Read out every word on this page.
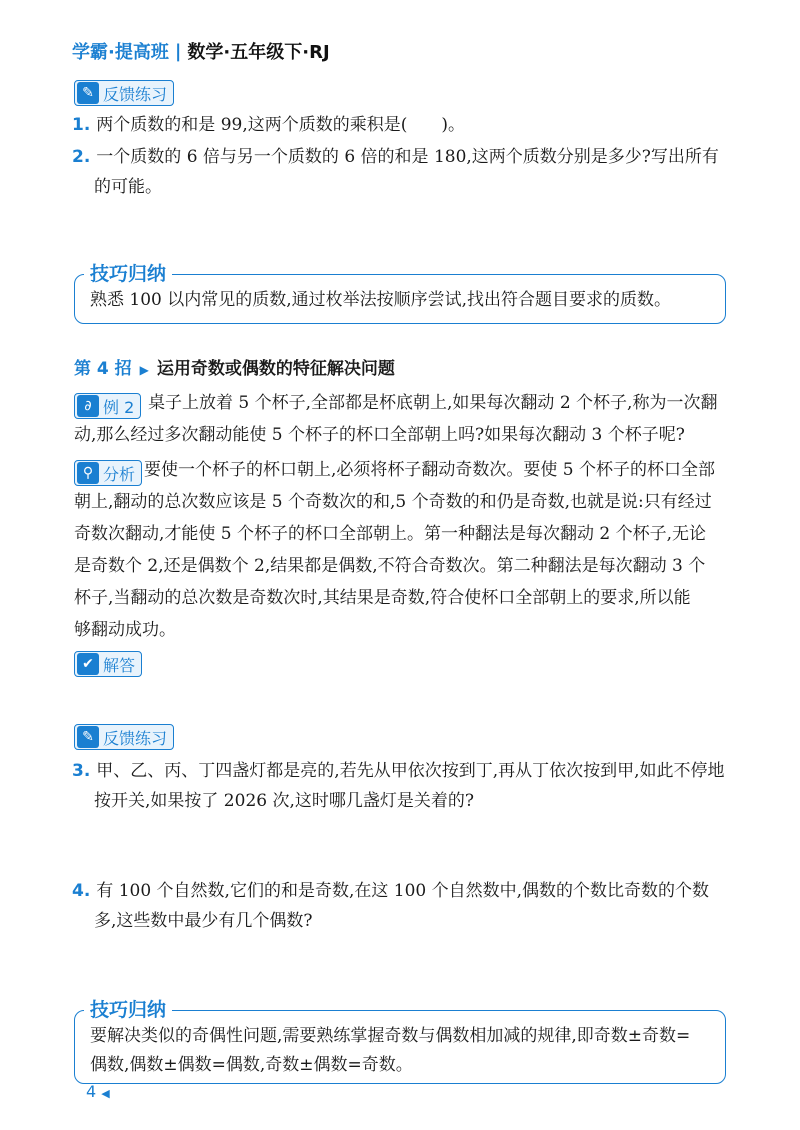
学霸·提高班 | 数学·五年级下·RJ
✎ 反馈练习
1. 两个质数的和是 99,这两个质数的乘积是(　　)。
2. 一个质数的 6 倍与另一个质数的 6 倍的和是 180,这两个质数分别是多少?写出所有
的可能。
技巧归纳
熟悉 100 以内常见的质数,通过枚举法按顺序尝试,找出符合题目要求的质数。
第 4 招 ▶ 运用奇数或偶数的特征解决问题
∂ 例 2 桌子上放着 5 个杯子,全部都是杯底朝上,如果每次翻动 2 个杯子,称为一次翻
动,那么经过多次翻动能使 5 个杯子的杯口全部朝上吗?如果每次翻动 3 个杯子呢?
⚲ 分析 要使一个杯子的杯口朝上,必须将杯子翻动奇数次。要使 5 个杯子的杯口全部
朝上,翻动的总次数应该是 5 个奇数次的和,5 个奇数的和仍是奇数,也就是说:只有经过
奇数次翻动,才能使 5 个杯子的杯口全部朝上。第一种翻法是每次翻动 2 个杯子,无论
是奇数个 2,还是偶数个 2,结果都是偶数,不符合奇数次。第二种翻法是每次翻动 3 个
杯子,当翻动的总次数是奇数次时,其结果是奇数,符合使杯口全部朝上的要求,所以能
够翻动成功。
✔ 解答
✎ 反馈练习
3. 甲、乙、丙、丁四盏灯都是亮的,若先从甲依次按到丁,再从丁依次按到甲,如此不停地
按开关,如果按了 2026 次,这时哪几盏灯是关着的?
4. 有 100 个自然数,它们的和是奇数,在这 100 个自然数中,偶数的个数比奇数的个数
多,这些数中最少有几个偶数?
技巧归纳
要解决类似的奇偶性问题,需要熟练掌握奇数与偶数相加减的规律,即奇数±奇数=
偶数,偶数±偶数=偶数,奇数±偶数=奇数。
4 ◀
